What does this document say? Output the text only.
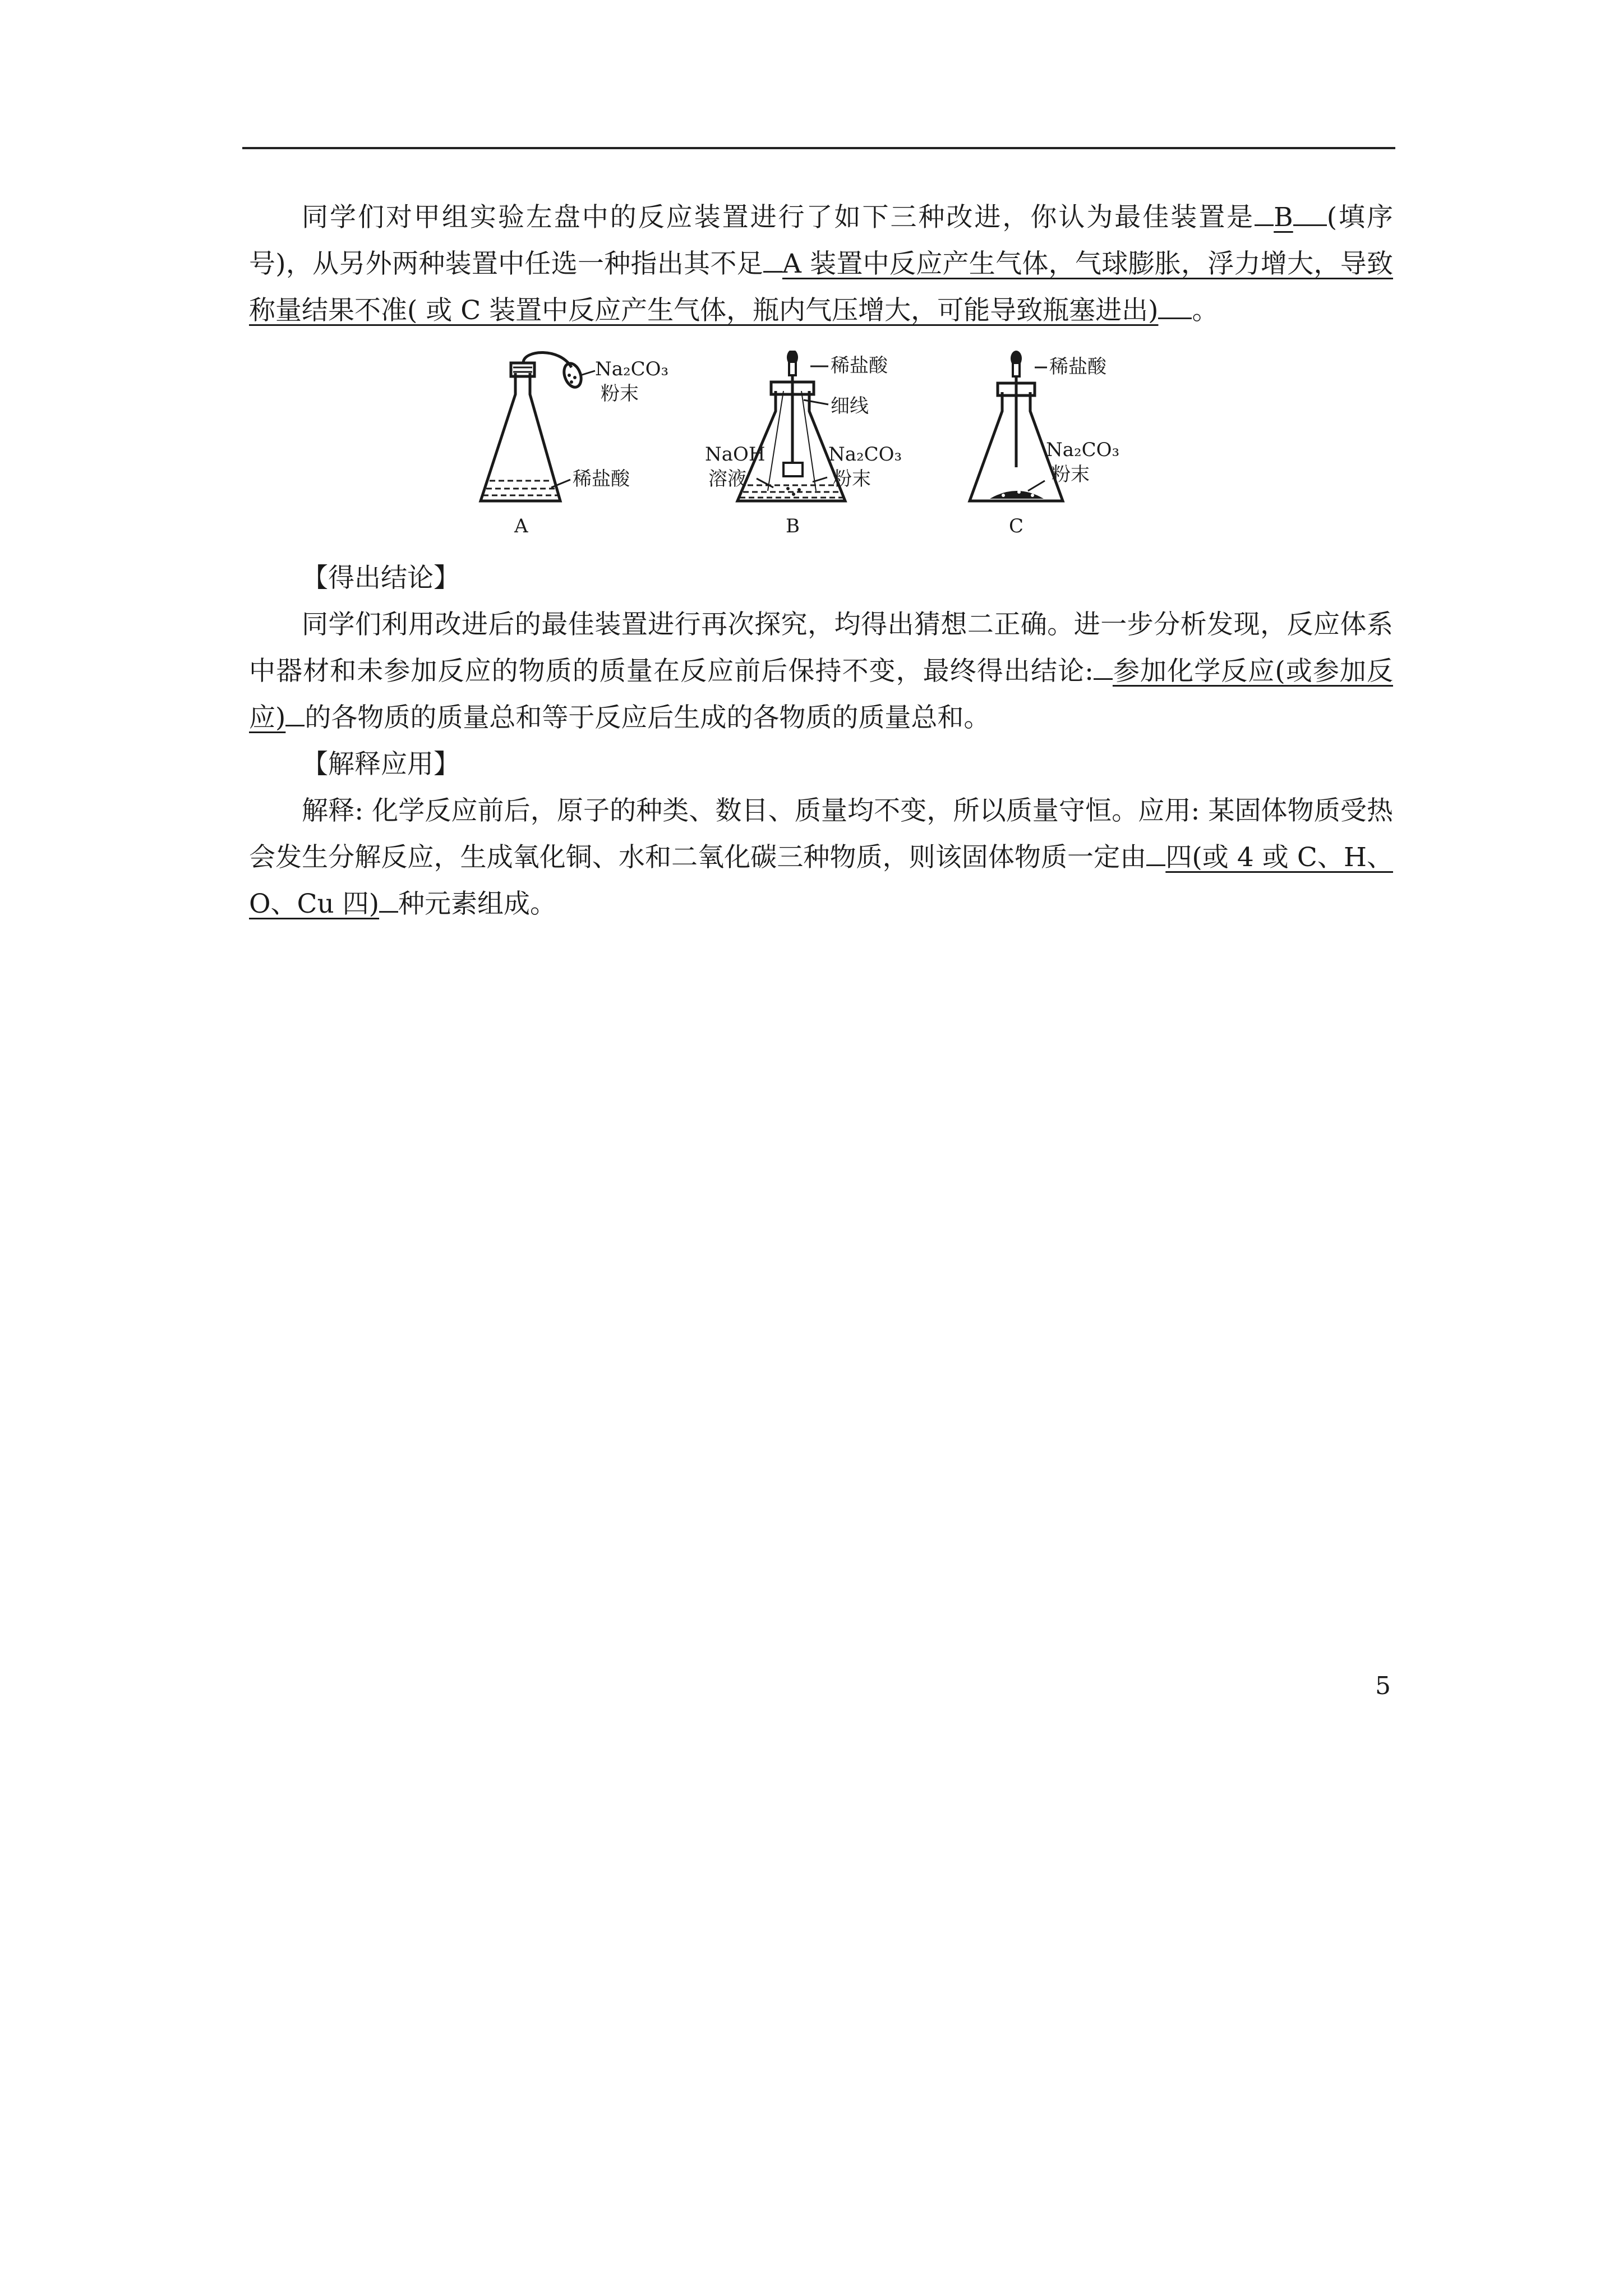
同学们对甲组实验左盘中的反应装置进行了如下三种改进，你认为最佳装置是 B (填序号)，从另外两种装置中任选一种指出其不足 A 装置中反应产生气体，气球膨胀，浮力增大，导致称量结果不准( 或 C 装置中反应产生气体，瓶内气压增大，可能导致瓶塞进出) 。

Na₂CO₃
粉末
稀盐酸
A
稀盐酸
细线
NaOH
溶液
Na₂CO₃
粉末
B
稀盐酸
Na₂CO₃
粉末
C

【得出结论】

同学们利用改进后的最佳装置进行再次探究，均得出猜想二正确。进一步分析发现，反应体系中器材和未参加反应的物质的质量在反应前后保持不变，最终得出结论: 参加化学反应(或参加反应) 的各物质的质量总和等于反应后生成的各物质的质量总和。

【解释应用】

解释: 化学反应前后，原子的种类、数目、质量均不变，所以质量守恒。应用: 某固体物质受热会发生分解反应，生成氧化铜、水和二氧化碳三种物质，则该固体物质一定由 四(或 4 或 C、H、O、Cu 四) 种元素组成。

5
